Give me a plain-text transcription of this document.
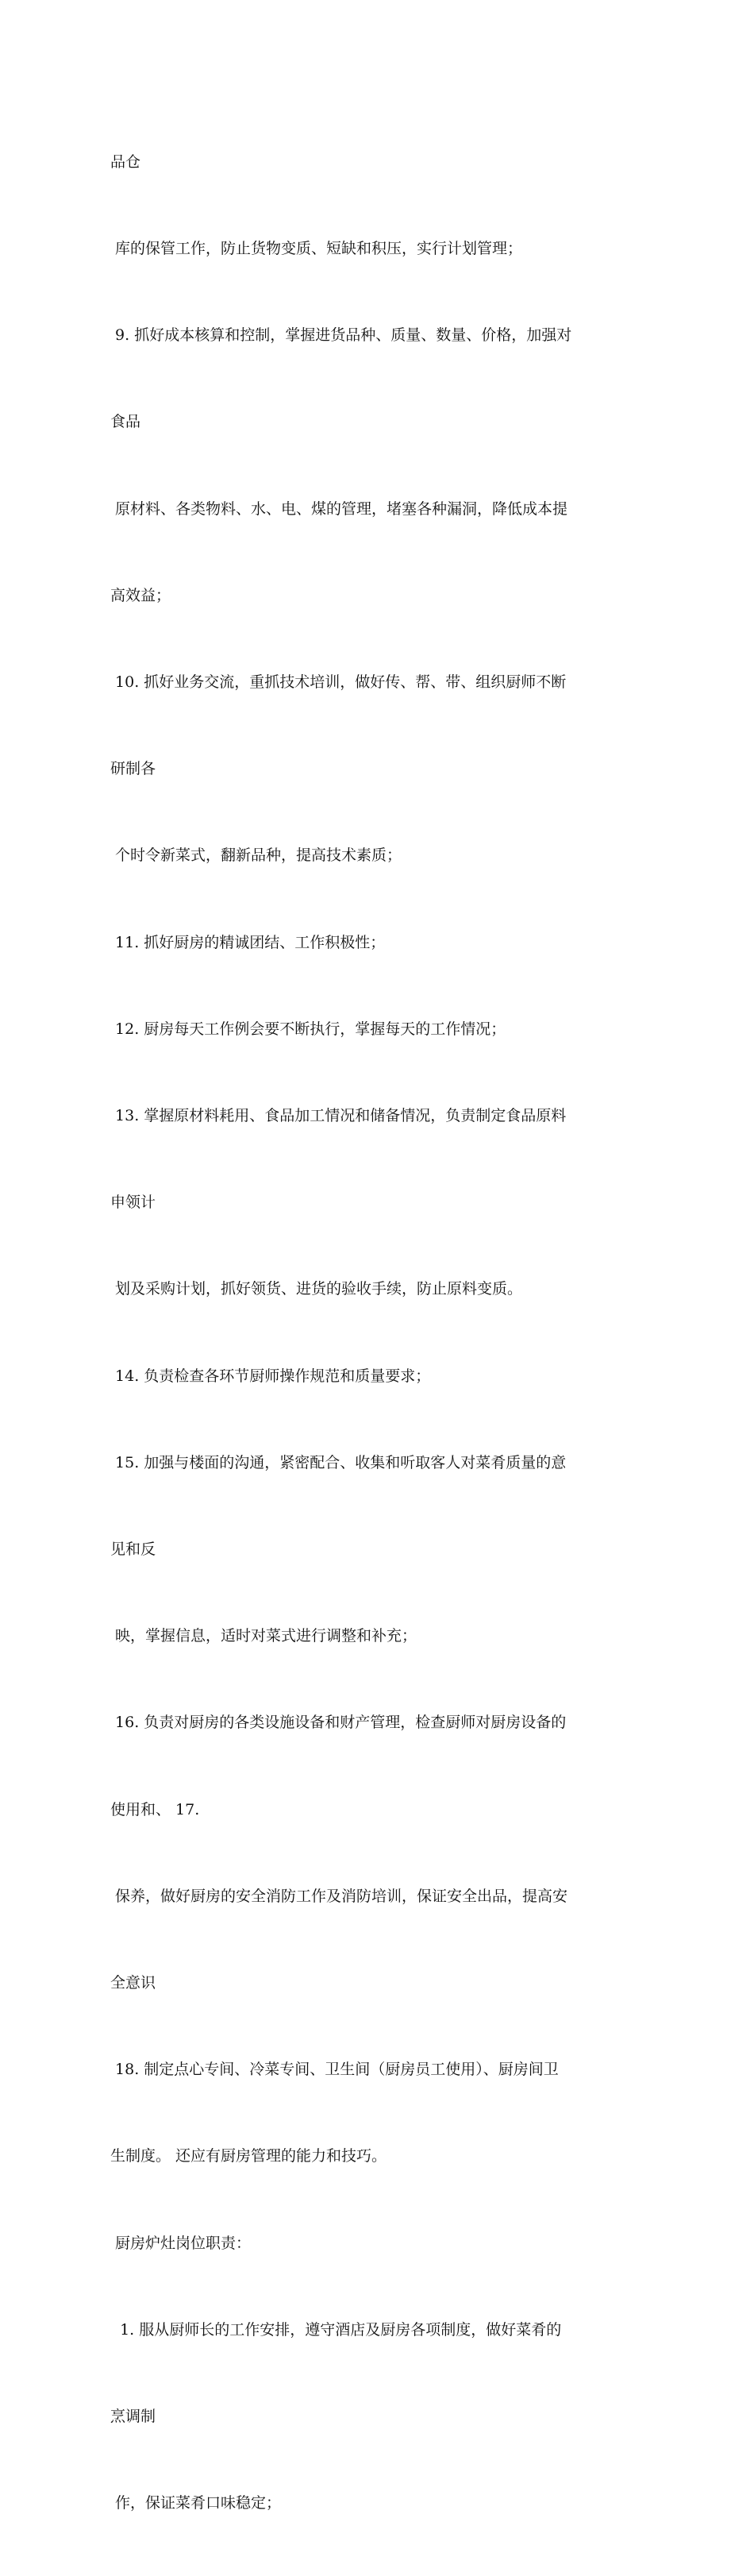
品仓

库的保管工作，防止货物变质、短缺和积压，实行计划管理；

9. 抓好成本核算和控制，掌握进货品种、质量、数量、价格，加强对

食品

原材料、各类物料、水、电、煤的管理，堵塞各种漏洞，降低成本提

高效益；

10. 抓好业务交流，重抓技术培训，做好传、帮、带、组织厨师不断

研制各

个时令新菜式，翻新品种，提高技术素质；

11. 抓好厨房的精诚团结、工作积极性；

12. 厨房每天工作例会要不断执行，掌握每天的工作情况；

13. 掌握原材料耗用、食品加工情况和储备情况，负责制定食品原料

申领计

划及采购计划，抓好领货、进货的验收手续，防止原料变质。

14. 负责检查各环节厨师操作规范和质量要求；

15. 加强与楼面的沟通，紧密配合、收集和听取客人对菜肴质量的意

见和反

映，掌握信息，适时对菜式进行调整和补充；

16. 负责对厨房的各类设施设备和财产管理，检查厨师对厨房设备的

使用和、 17.

保养，做好厨房的安全消防工作及消防培训，保证安全出品，提高安

全意识

18. 制定点心专间、冷菜专间、卫生间（厨房员工使用）、厨房间卫

生制度。 还应有厨房管理的能力和技巧。

厨房炉灶岗位职责：

1. 服从厨师长的工作安排，遵守酒店及厨房各项制度，做好菜肴的

烹调制

作，保证菜肴口味稳定；
